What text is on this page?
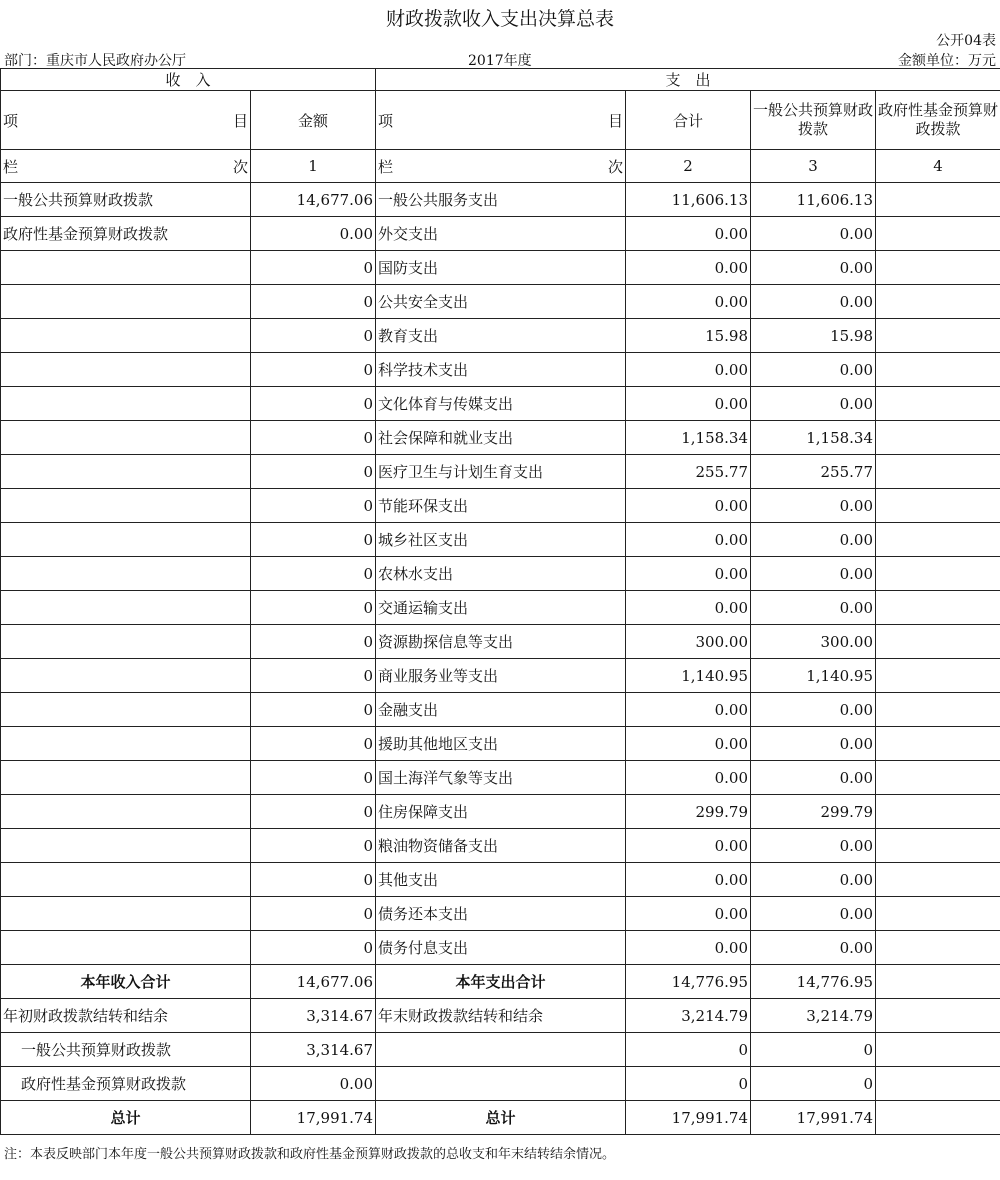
财政拨款收入支出决算总表
公开04表
部门：重庆市人民政府办公厅	2017年度	金额单位：万元
收　入		支　出			

项 目	金额	项 目	合计	一般公共预算财政拨款	政府性基金预算财政拨款

栏 次	1	栏 次	2	3	4
一般公共预算财政拨款	14,677.06	一般公共服务支出	11,606.13	11,606.13	
政府性基金预算财政拨款	0.00	外交支出	0.00	0.00	
	0	国防支出	0.00	0.00	
	0	公共安全支出	0.00	0.00	
	0	教育支出	15.98	15.98	
	0	科学技术支出	0.00	0.00	
	0	文化体育与传媒支出	0.00	0.00	
	0	社会保障和就业支出	1,158.34	1,158.34	
	0	医疗卫生与计划生育支出	255.77	255.77	
	0	节能环保支出	0.00	0.00	
	0	城乡社区支出	0.00	0.00	
	0	农林水支出	0.00	0.00	
	0	交通运输支出	0.00	0.00	
	0	资源勘探信息等支出	300.00	300.00	
	0	商业服务业等支出	1,140.95	1,140.95	
	0	金融支出	0.00	0.00	
	0	援助其他地区支出	0.00	0.00	
	0	国土海洋气象等支出	0.00	0.00	
	0	住房保障支出	299.79	299.79	
	0	粮油物资储备支出	0.00	0.00	
	0	其他支出	0.00	0.00	
	0	债务还本支出	0.00	0.00	
	0	债务付息支出	0.00	0.00	
本年收入合计	14,677.06	本年支出合计	14,776.95	14,776.95	
年初财政拨款结转和结余	3,314.67	年末财政拨款结转和结余	3,214.79	3,214.79	
一般公共预算财政拨款	3,314.67		0	0	
政府性基金预算财政拨款	0.00		0	0	
总计	17,991.74	总计	17,991.74	17,991.74	
注：本表反映部门本年度一般公共预算财政拨款和政府性基金预算财政拨款的总收支和年末结转结余情况。
